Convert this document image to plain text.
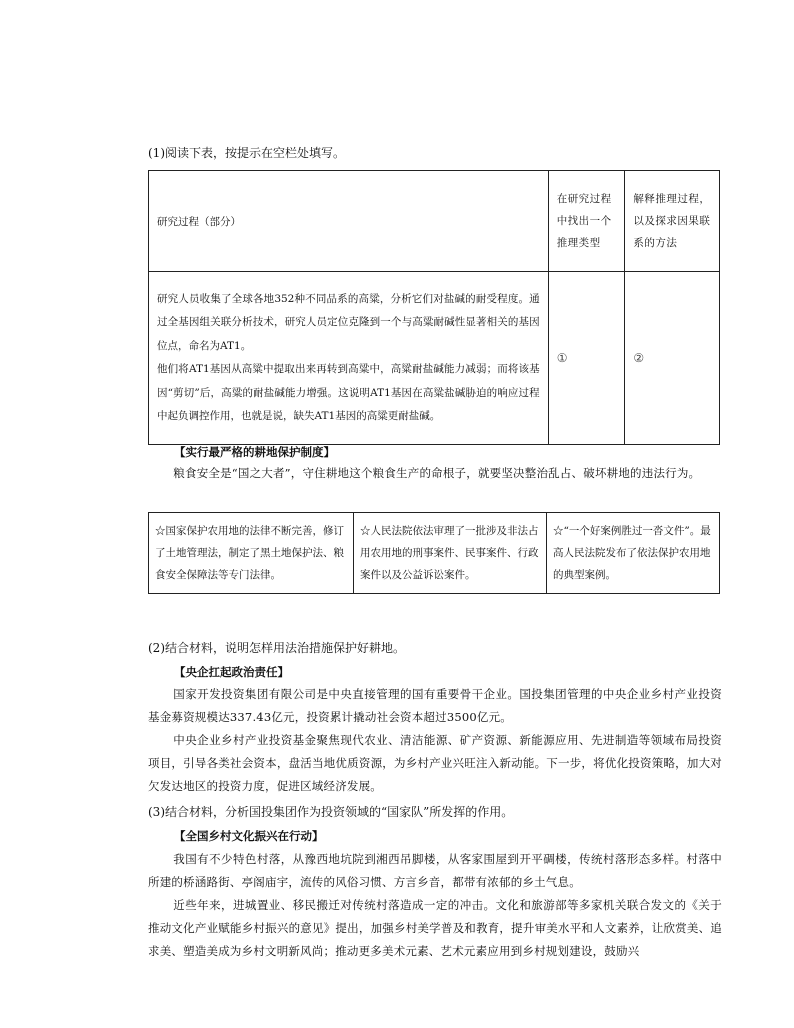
(1)阅读下表，按提示在空栏处填写。
研究过程（部分）	在研究过程中找出一个推理类型	解释推理过程，以及探求因果联系的方法

研究人员收集了全球各地352种不同品系的高粱，分析它们对盐碱的耐受程度。通过全基因组关联分析技术，研究人员定位克隆到一个与高粱耐碱性显著相关的基因位点，命名为AT1。
他们将AT1基因从高粱中提取出来再转到高粱中，高粱耐盐碱能力减弱；而将该基因“剪切”后，高粱的耐盐碱能力增强。这说明AT1基因在高粱盐碱胁迫的响应过程中起负调控作用，也就是说，缺失AT1基因的高粱更耐盐碱。	①	②
【实行最严格的耕地保护制度】

粮食安全是“国之大者”，守住耕地这个粮食生产的命根子，就要坚决整治乱占、破坏耕地的违法行为。

☆国家保护农用地的法律不断完善，修订了土地管理法，制定了黑土地保护法、粮食安全保障法等专门法律。	☆人民法院依法审理了一批涉及非法占用农用地的刑事案件、民事案件、行政案件以及公益诉讼案件。	☆“一个好案例胜过一沓文件”。最高人民法院发布了依法保护农用地的典型案例。
(2)结合材料，说明怎样用法治措施保护好耕地。
【央企扛起政治责任】

国家开发投资集团有限公司是中央直接管理的国有重要骨干企业。国投集团管理的中央企业乡村产业投资基金募资规模达337.43亿元，投资累计撬动社会资本超过3500亿元。

中央企业乡村产业投资基金聚焦现代农业、清洁能源、矿产资源、新能源应用、先进制造等领域布局投资项目，引导各类社会资本，盘活当地优质资源，为乡村产业兴旺注入新动能。下一步，将优化投资策略，加大对欠发达地区的投资力度，促进区域经济发展。

(3)结合材料，分析国投集团作为投资领域的“国家队”所发挥的作用。
【全国乡村文化振兴在行动】

我国有不少特色村落，从豫西地坑院到湘西吊脚楼，从客家围屋到开平碉楼，传统村落形态多样。村落中所建的桥涵路街、亭阁庙宇，流传的风俗习惯、方言乡音，都带有浓郁的乡土气息。

近些年来，进城置业、移民搬迁对传统村落造成一定的冲击。文化和旅游部等多家机关联合发文的《关于推动文化产业赋能乡村振兴的意见》提出，加强乡村美学普及和教育，提升审美水平和人文素养，让欣赏美、追求美、塑造美成为乡村文明新风尚；推动更多美术元素、艺术元素应用到乡村规划建设，鼓励兴
